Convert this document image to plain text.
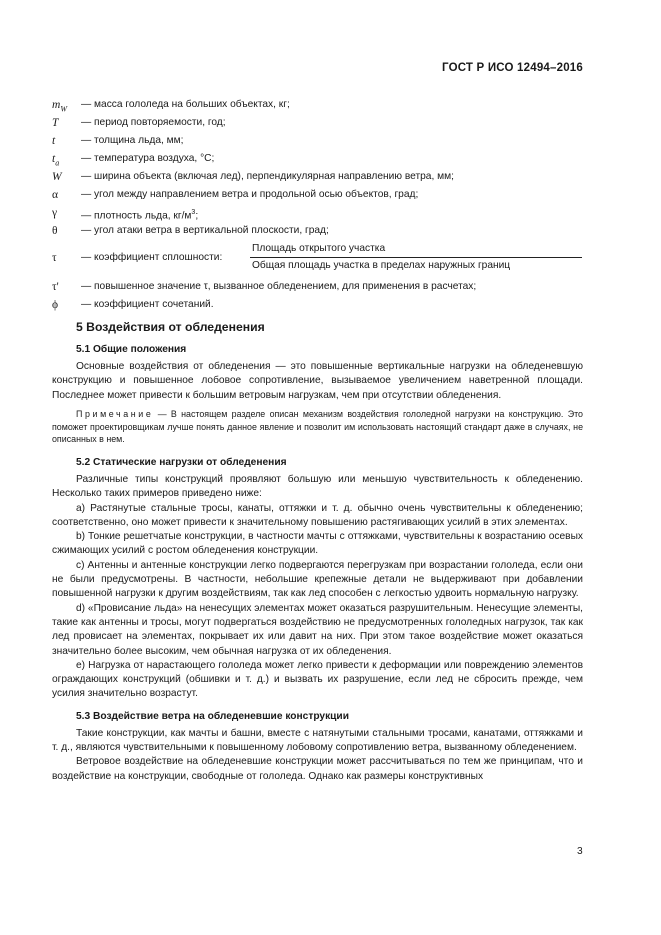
ГОСТ Р ИСО 12494–2016
$m_W$	— масса гололеда на больших объектах, кг;
T	— период повторяемости, год;
t	— толщина льда, мм;
$t_a$	— температура воздуха, °С;
W	— ширина объекта (включая лед), перпендикулярная направлению ветра, мм;
α	— угол между направлением ветра и продольной осью объектов, град;
γ	— плотность льда, $кг/м^3$;
θ	— угол атаки ветра в вертикальной плоскости, град;
τ	— коэффициент сплошности:
Площадь открытого участка
Общая площадь участка в пределах наружных границ
τ'	— повышенное значение τ, вызванное обледенением, для применения в расчетах;
ϕ	— коэффициент сочетаний.
5 Воздействия от обледенения
5.1 Общие положения

Основные воздействия от обледенения — это повышенные вертикальные нагрузки на обледеневшую конструкцию и повышенное лобовое сопротивление, вызываемое увеличением наветренной площади. Последнее может привести к большим ветровым нагрузкам, чем при отсутствии обледенения.

Примечание — В настоящем разделе описан механизм воздействия гололедной нагрузки на конструкцию. Это поможет проектировщикам лучше понять данное явление и позволит им использовать настоящий стандарт даже в случаях, не описанных в нем.
5.2 Статические нагрузки от обледенения

Различные типы конструкций проявляют большую или меньшую чувствительность к обледенению. Несколько таких примеров приведено ниже:

a) Растянутые стальные тросы, канаты, оттяжки и т. д. обычно очень чувствительны к обледенению; соответственно, оно может привести к значительному повышению растягивающих усилий в этих элементах.

b) Тонкие решетчатые конструкции, в частности мачты с оттяжками, чувствительны к возрастанию осевых сжимающих усилий с ростом обледенения конструкции.

c) Антенны и антенные конструкции легко подвергаются перегрузкам при возрастании гололеда, если они не были предусмотрены. В частности, небольшие крепежные детали не выдерживают при добавлении повышенной нагрузки к другим воздействиям, так как лед способен с легкостью удвоить нормальную нагрузку.

d) «Провисание льда» на ненесущих элементах может оказаться разрушительным. Ненесущие элементы, такие как антенны и тросы, могут подвергаться воздействию не предусмотренных гололедных нагрузок, так как лед провисает на элементах, покрывает их или давит на них. При этом такое воздействие может оказаться значительно более высоким, чем обычная нагрузка от их обледенения.

e) Нагрузка от нарастающего гололеда может легко привести к деформации или повреждению элементов ограждающих конструкций (обшивки и т. д.) и вызвать их разрушение, если лед не сбросить прежде, чем усилия значительно возрастут.

5.3 Воздействие ветра на обледеневшие конструкции

Такие конструкции, как мачты и башни, вместе с натянутыми стальными тросами, канатами, оттяжками и т. д., являются чувствительными к повышенному лобовому сопротивлению ветра, вызванному обледенением.

Ветровое воздействие на обледеневшие конструкции может рассчитываться по тем же принципам, что и воздействие на конструкции, свободные от гололеда. Однако как размеры конструктивных

3
